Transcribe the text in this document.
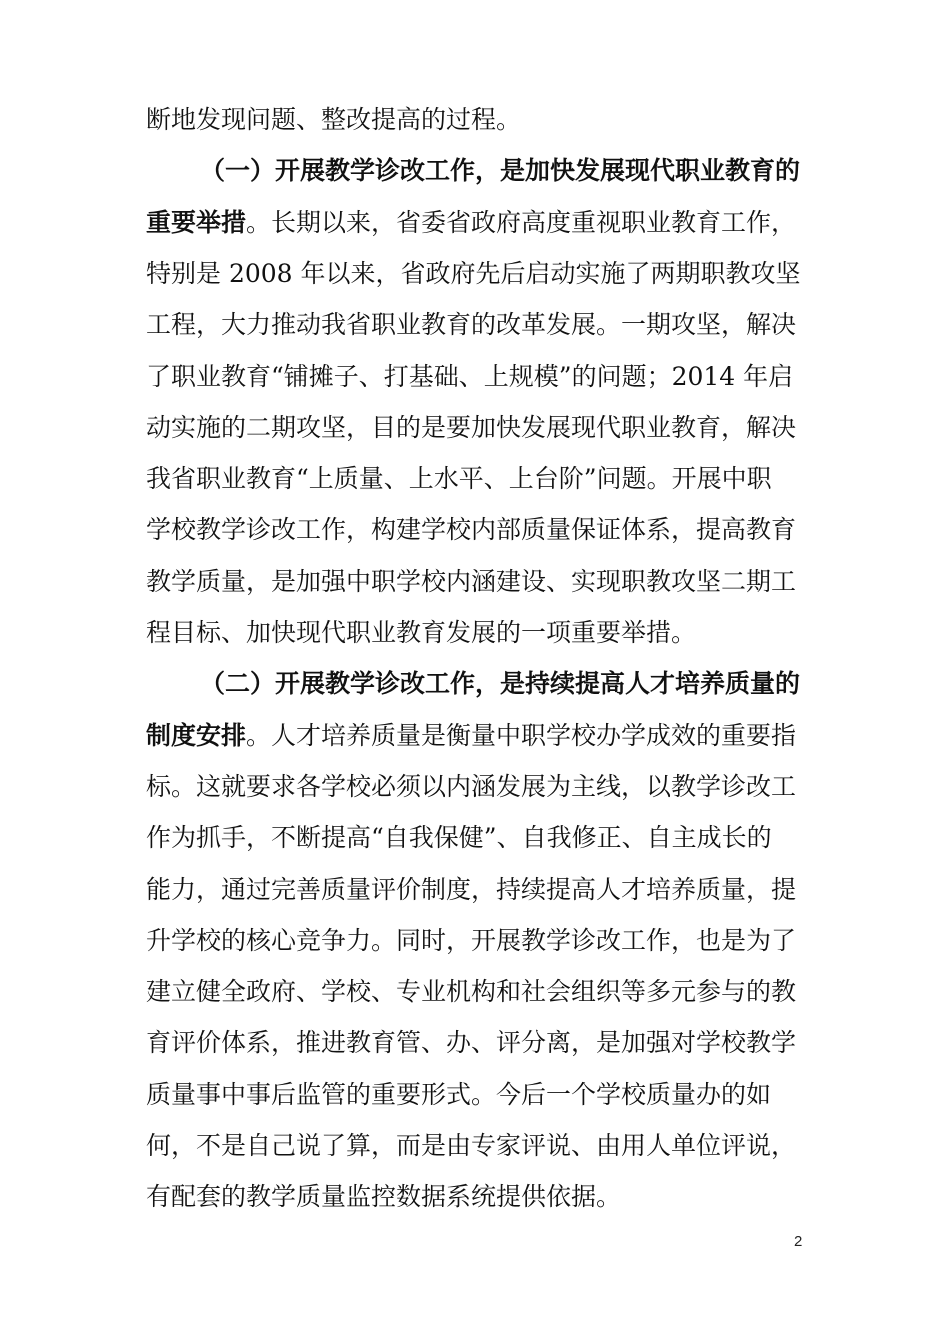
断地发现问题、整改提高的过程。
（一）开展教学诊改工作，是加快发展现代职业教育的
重要举措。长期以来，省委省政府高度重视职业教育工作，
特别是 2008 年以来，省政府先后启动实施了两期职教攻坚
工程，大力推动我省职业教育的改革发展。一期攻坚，解决
了职业教育“铺摊子、打基础、上规模”的问题；2014 年启
动实施的二期攻坚，目的是要加快发展现代职业教育，解决
我省职业教育“上质量、上水平、上台阶”问题。开展中职
学校教学诊改工作，构建学校内部质量保证体系，提高教育
教学质量，是加强中职学校内涵建设、实现职教攻坚二期工
程目标、加快现代职业教育发展的一项重要举措。
（二）开展教学诊改工作，是持续提高人才培养质量的
制度安排。人才培养质量是衡量中职学校办学成效的重要指
标。这就要求各学校必须以内涵发展为主线，以教学诊改工
作为抓手，不断提高“自我保健”、自我修正、自主成长的
能力，通过完善质量评价制度，持续提高人才培养质量，提
升学校的核心竞争力。同时，开展教学诊改工作，也是为了
建立健全政府、学校、专业机构和社会组织等多元参与的教
育评价体系，推进教育管、办、评分离，是加强对学校教学
质量事中事后监管的重要形式。今后一个学校质量办的如
何，不是自己说了算，而是由专家评说、由用人单位评说，
有配套的教学质量监控数据系统提供依据。
2
